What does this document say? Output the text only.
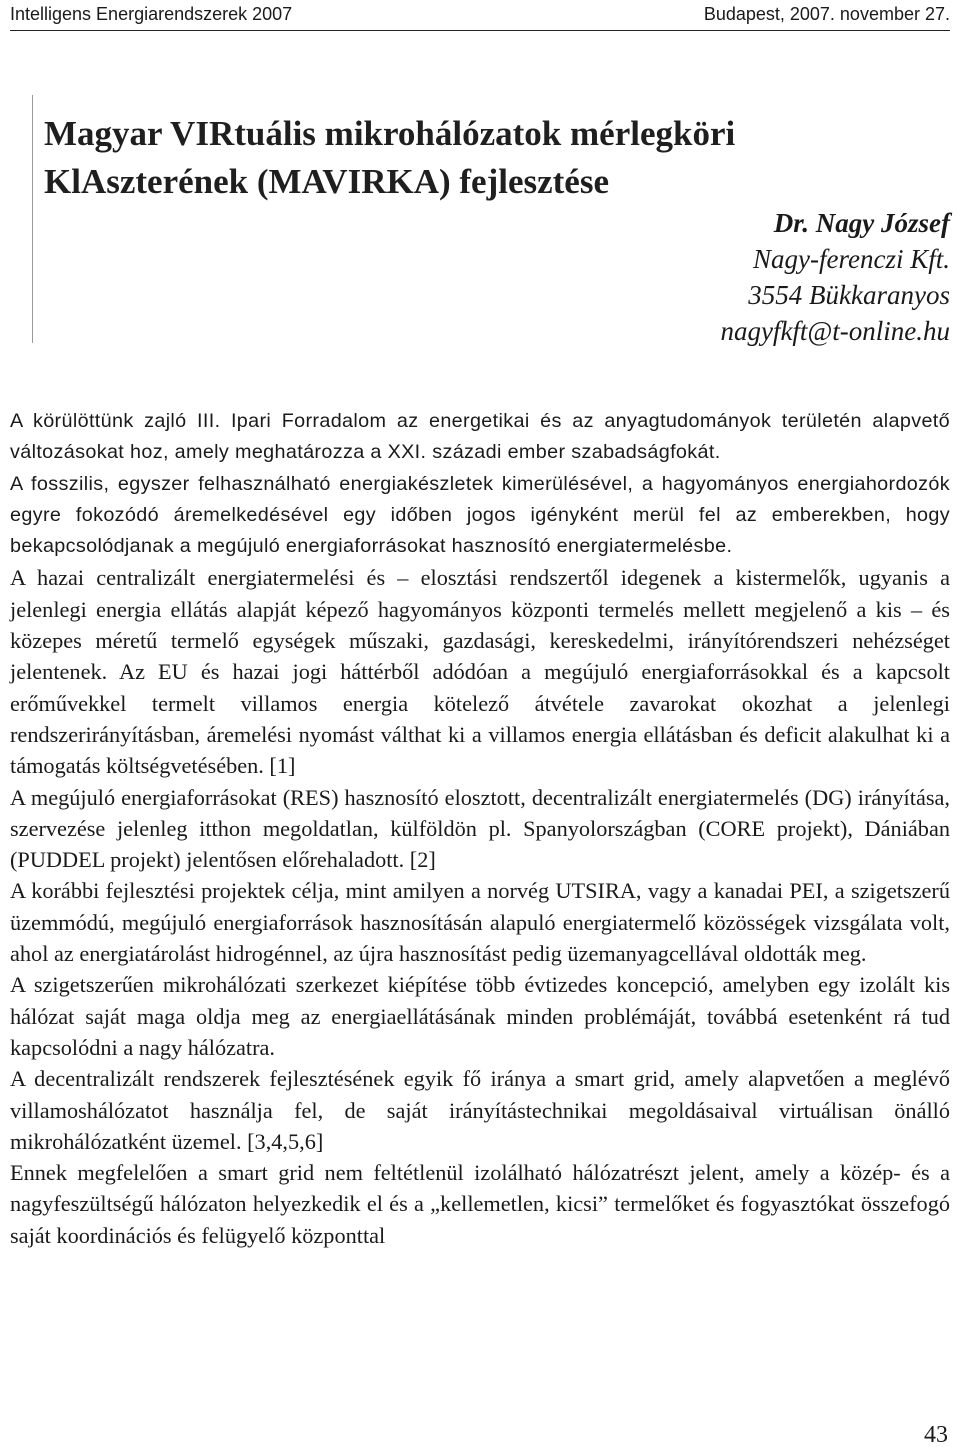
Intelligens Energiarendszerek 2007	Budapest, 2007. november 27.
Magyar VIRtuális mikrohálózatok mérlegköri
KlAszterének (MAVIRKA) fejlesztése
Dr. Nagy József
Nagy-ferenczi Kft.
3554 Bükkaranyos
nagyfkft@t-online.hu

A körülöttünk zajló III. Ipari Forradalom az energetikai és az anyagtudományok területén alapvető változásokat hoz, amely meghatározza a XXI. századi ember szabadságfokát.

A fosszilis, egyszer felhasználható energiakészletek kimerülésével, a hagyományos energiahordozók egyre fokozódó áremelkedésével egy időben jogos igényként merül fel az emberekben, hogy bekapcsolódjanak a megújuló energiaforrásokat hasznosító energiatermelésbe.

A hazai centralizált energiatermelési és – elosztási rendszertől idegenek a kistermelők, ugyanis a jelenlegi energia ellátás alapját képező hagyományos központi termelés mellett megjelenő a kis – és közepes méretű termelő egységek műszaki, gazdasági, kereskedelmi, irányítórendszeri nehézséget jelentenek. Az EU és hazai jogi háttérből adódóan a megújuló energiaforrásokkal és a kapcsolt erőművekkel termelt villamos energia kötelező átvétele zavarokat okozhat a jelenlegi rendszerirányításban, áremelési nyomást válthat ki a villamos energia ellátásban és deficit alakulhat ki a támogatás költségvetésében. [1]

A megújuló energiaforrásokat (RES) hasznosító elosztott, decentralizált energiatermelés (DG) irányítása, szervezése jelenleg itthon megoldatlan, külföldön pl. Spanyolországban (CORE projekt), Dániában (PUDDEL projekt) jelentősen előrehaladott. [2]

A korábbi fejlesztési projektek célja, mint amilyen a norvég UTSIRA, vagy a kanadai PEI, a szigetszerű üzemmódú, megújuló energiaforrások hasznosításán alapuló energiatermelő közösségek vizsgálata volt, ahol az energiatárolást hidrogénnel, az újra hasznosítást pedig üzemanyagcellával oldották meg.

A szigetszerűen mikrohálózati szerkezet kiépítése több évtizedes koncepció, amelyben egy izolált kis hálózat saját maga oldja meg az energiaellátásának minden problémáját, továbbá esetenként rá tud kapcsolódni a nagy hálózatra.

A decentralizált rendszerek fejlesztésének egyik fő iránya a smart grid, amely alapvetően a meglévő villamoshálózatot használja fel, de saját irányítástechnikai megoldásaival virtuálisan önálló mikrohálózatként üzemel. [3,4,5,6]

Ennek megfelelően a smart grid nem feltétlenül izolálható hálózatrészt jelent, amely a közép- és a nagyfeszültségű hálózaton helyezkedik el és a „kellemetlen, kicsi” termelőket és fogyasztókat összefogó saját koordinációs és felügyelő központtal

43
